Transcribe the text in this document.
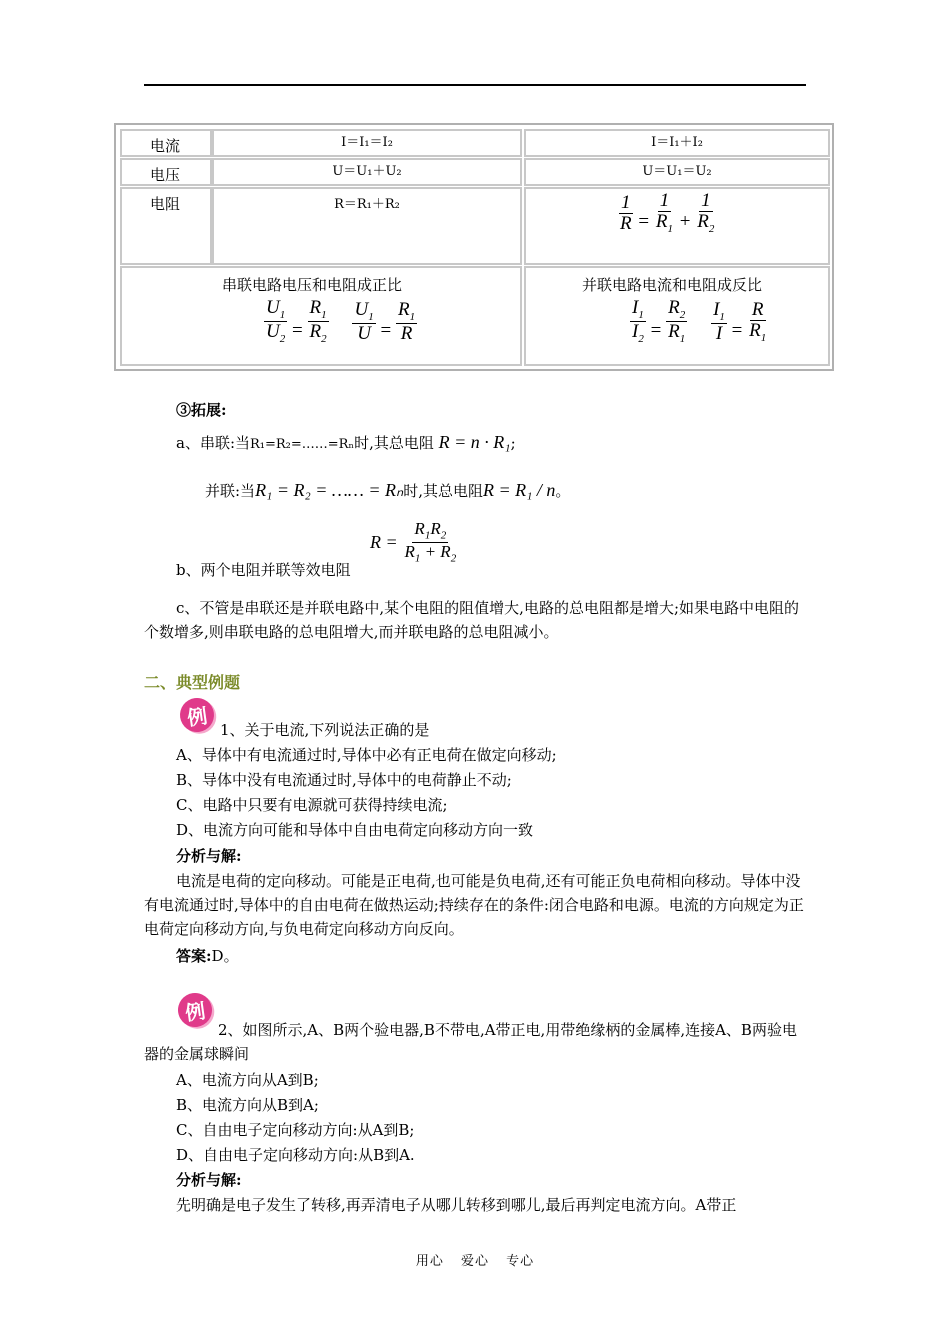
电流	I＝I₁＝I₂	I＝I₁＋I₂
电压	U＝U₁＋U₂	U＝U₁＝U₂
电阻	R＝R₁＋R₂	$\frac{1}{R} = \frac{1}{R_1} + \frac{1}{R_2}$
串联电路电压和电阻成正比
$\frac{U_1}{U_2} = \frac{R_1}{R_2}$
$\frac{U_1}{U} = \frac{R_1}{R}$
并联电路电流和电阻成反比
$\frac{I_1}{I_2} = \frac{R_2}{R_1}$
$\frac{I_1}{I} = \frac{R}{R_1}$
③拓展:
a、串联:当R₁=R₂=……=Rₙ时,其总电阻 R = n · R₁;
并联:当R₁ = R₂ = …… = Rₙ时,其总电阻R = R₁ / n。
$R = \frac{R_1R_2}{R_1 + R_2}$
b、两个电阻并联等效电阻
c、不管是串联还是并联电路中,某个电阻的阻值增大,电路的总电阻都是增大;如果电路中电阻的个数增多,则串联电路的总电阻增大,而并联电路的总电阻减小。
二、典型例题
例
1、关于电流,下列说法正确的是
A、导体中有电流通过时,导体中必有正电荷在做定向移动;
B、导体中没有电流通过时,导体中的电荷静止不动;
C、电路中只要有电源就可获得持续电流;
D、电流方向可能和导体中自由电荷定向移动方向一致
分析与解:
电流是电荷的定向移动。可能是正电荷,也可能是负电荷,还有可能正负电荷相向移动。导体中没有电流通过时,导体中的自由电荷在做热运动;持续存在的条件:闭合电路和电源。电流的方向规定为正电荷定向移动方向,与负电荷定向移动方向反向。
答案:D。
例
2、如图所示,A、B两个验电器,B不带电,A带正电,用带绝缘柄的金属棒,连接A、B两验电器的金属球瞬间
A、电流方向从A到B;
B、电流方向从B到A;
C、自由电子定向移动方向:从A到B;
D、自由电子定向移动方向:从B到A.
分析与解:
先明确是电子发生了转移,再弄清电子从哪儿转移到哪儿,最后再判定电流方向。A带正
用心 爱心 专心
